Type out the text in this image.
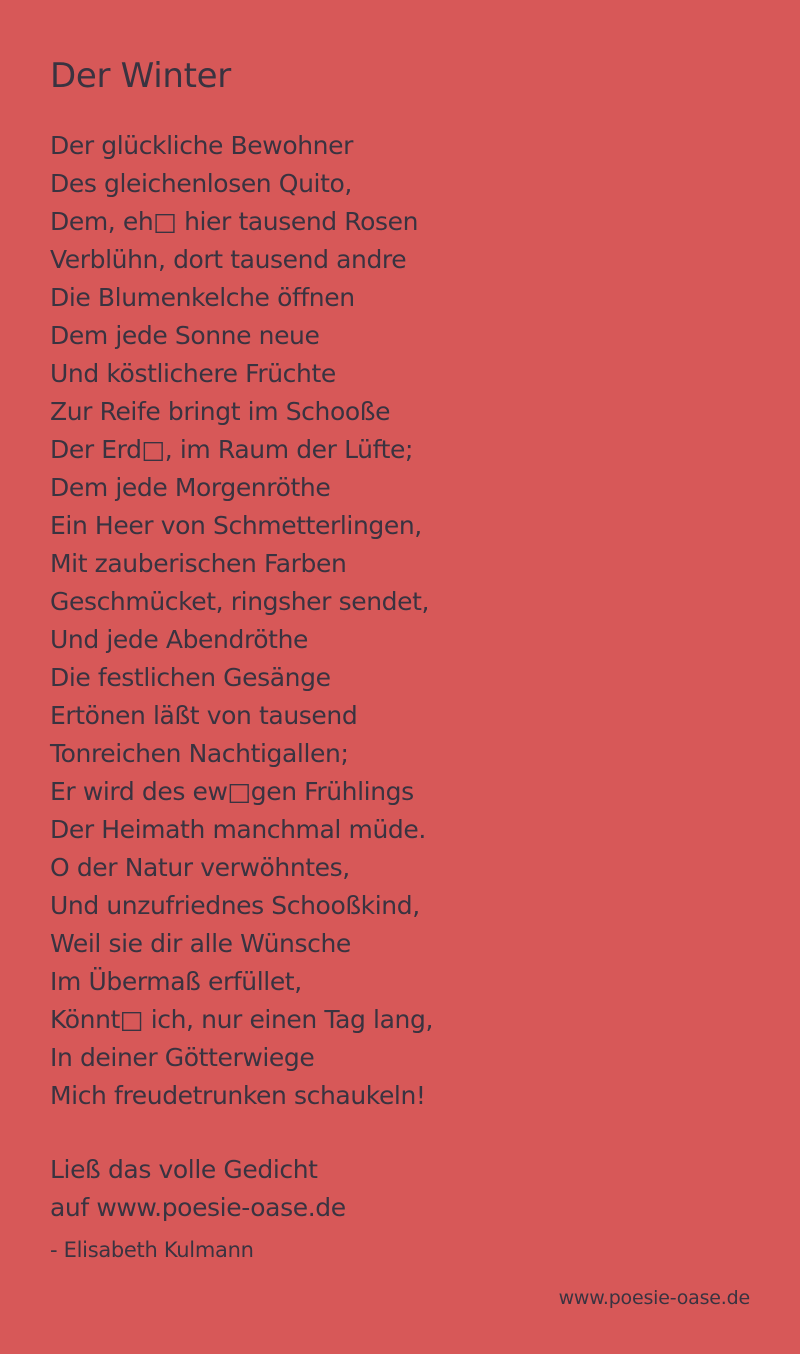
Der Winter
Der glückliche Bewohner
Des gleichenlosen Quito,
Dem, eh□ hier tausend Rosen
Verblühn, dort tausend andre
Die Blumenkelche öffnen
Dem jede Sonne neue
Und köstlichere Früchte
Zur Reife bringt im Schooße
Der Erd□, im Raum der Lüfte;
Dem jede Morgenröthe
Ein Heer von Schmetterlingen,
Mit zauberischen Farben
Geschmücket, ringsher sendet,
Und jede Abendröthe
Die festlichen Gesänge
Ertönen läßt von tausend
Tonreichen Nachtigallen;
Er wird des ew□gen Frühlings
Der Heimath manchmal müde.
O der Natur verwöhntes,
Und unzufriednes Schooßkind,
Weil sie dir alle Wünsche
Im Übermaß erfüllet,
Könnt□ ich, nur einen Tag lang,
In deiner Götterwiege
Mich freudetrunken schaukeln!
Ließ das volle Gedicht
auf www.poesie-oase.de
- Elisabeth Kulmann
www.poesie-oase.de
